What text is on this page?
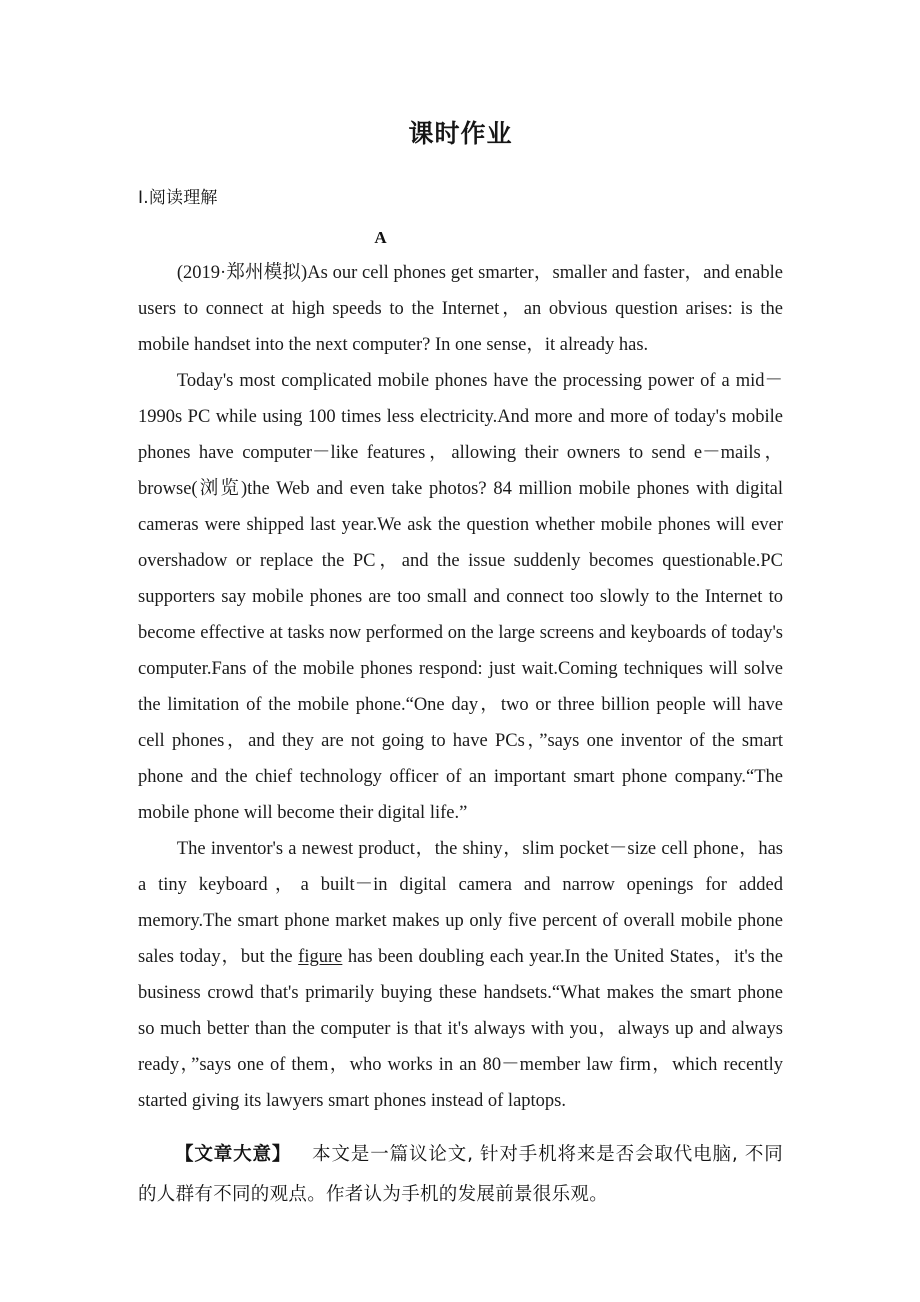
课时作业
Ⅰ.阅读理解
A

(2019·郑州模拟)As our cell phones get smarter，smaller and faster，and enable users to connect at high speeds to the Internet，an obvious question arises: is the mobile handset into the next computer? In one sense，it already has.

Today's most complicated mobile phones have the processing power of a mid－1990s PC while using 100 times less electricity.And more and more of today's mobile phones have computer－like features，allowing their owners to send e－mails，browse(浏览)the Web and even take photos? 84 million mobile phones with digital cameras were shipped last year.We ask the question whether mobile phones will ever overshadow or replace the PC，and the issue suddenly becomes questionable.PC supporters say mobile phones are too small and connect too slowly to the Internet to become effective at tasks now performed on the large screens and keyboards of today's computer.Fans of the mobile phones respond: just wait.Coming techniques will solve the limitation of the mobile phone.“One day，two or three billion people will have cell phones，and they are not going to have PCs，”says one inventor of the smart phone and the chief technology officer of an important smart phone company.“The mobile phone will become their digital life.”

The inventor's a newest product，the shiny，slim pocket－size cell phone，has a tiny keyboard，a built－in digital camera and narrow openings for added memory.The smart phone market makes up only five percent of overall mobile phone sales today，but the figure has been doubling each year.In the United States，it's the business crowd that's primarily buying these handsets.“What makes the smart phone so much better than the computer is that it's always with you，always up and always ready，”says one of them，who works in an 80－member law firm，which recently started giving its lawyers smart phones instead of laptops.

【文章大意】 本文是一篇议论文, 针对手机将来是否会取代电脑, 不同的人群有不同的观点。作者认为手机的发展前景很乐观。
